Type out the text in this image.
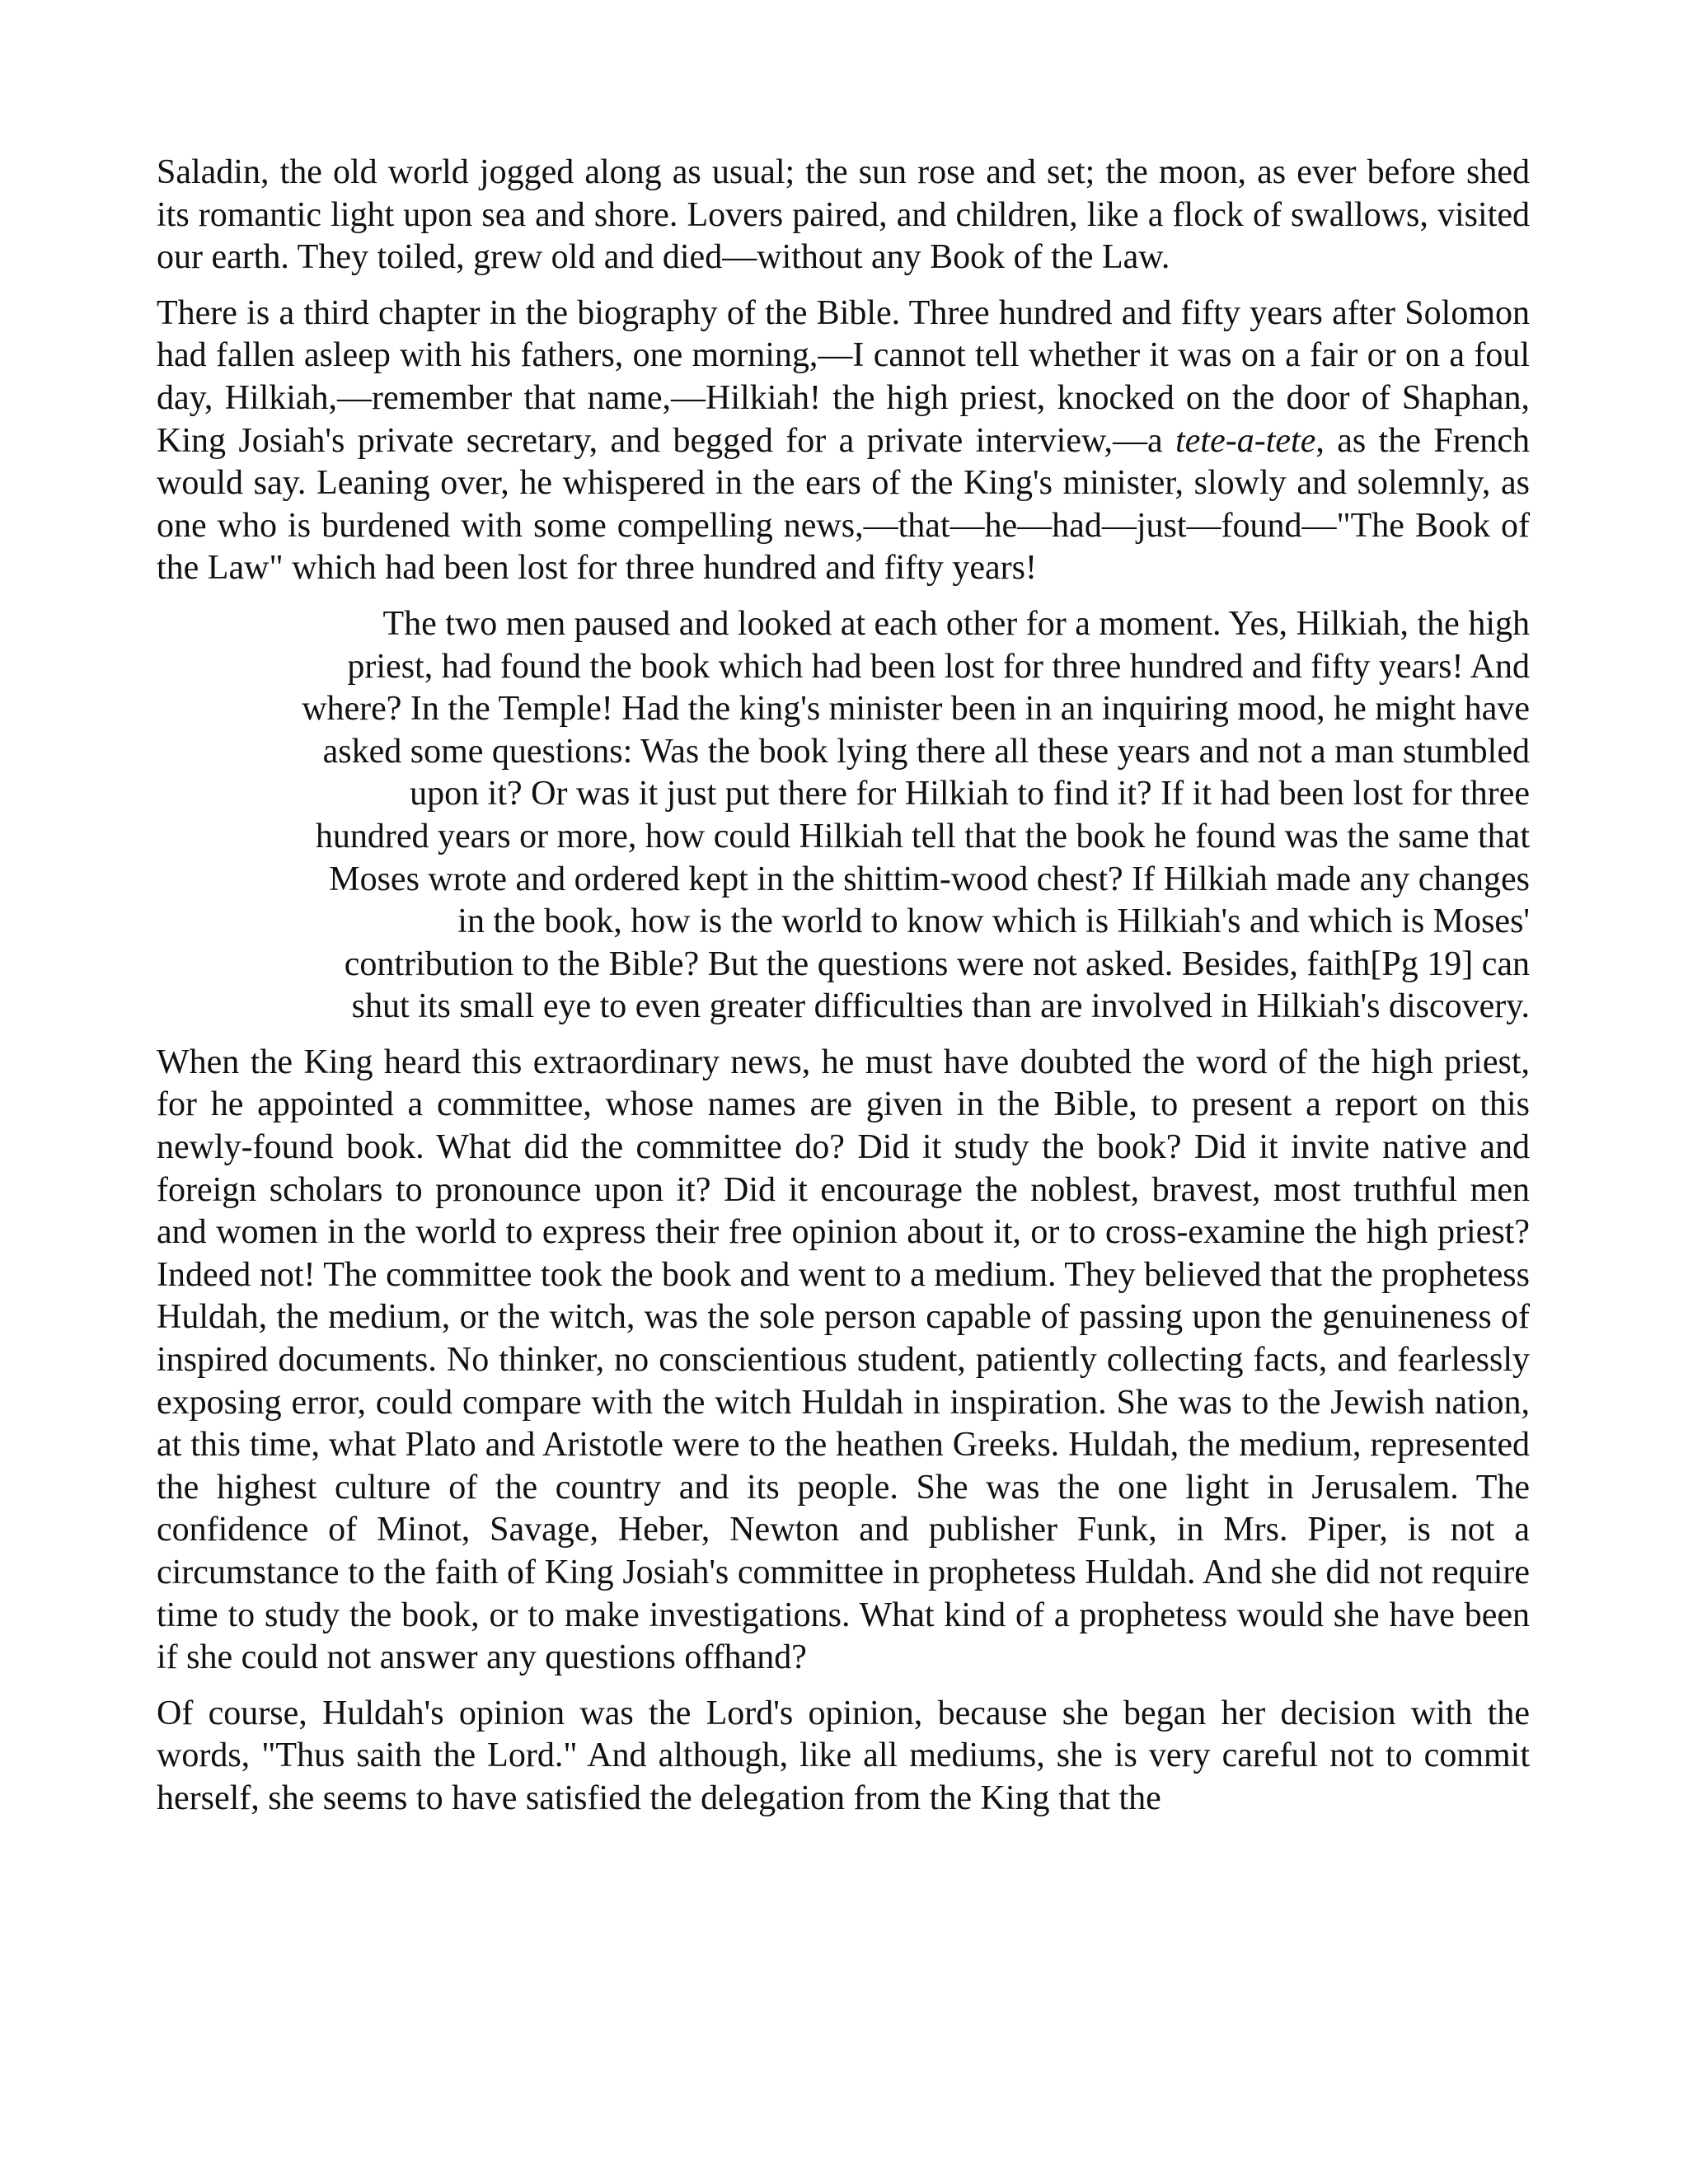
Saladin, the old world jogged along as usual; the sun rose and set; the moon, as ever before shed its romantic light upon sea and shore. Lovers paired, and children, like a flock of swallows, visited our earth. They toiled, grew old and died—without any Book of the Law.

There is a third chapter in the biography of the Bible. Three hundred and fifty years after Solomon had fallen asleep with his fathers, one morning,—I cannot tell whether it was on a fair or on a foul day, Hilkiah,—remember that name,—Hilkiah! the high priest, knocked on the door of Shaphan, King Josiah's private secretary, and begged for a private interview,—a tete-a-tete, as the French would say. Leaning over, he whispered in the ears of the King's minister, slowly and solemnly, as one who is burdened with some compelling news,—that—he—had—just—found—"The Book of the Law" which had been lost for three hundred and fifty years!

The two men paused and looked at each other for a moment. Yes, Hilkiah, the high
priest, had found the book which had been lost for three hundred and fifty years! And
where? In the Temple! Had the king's minister been in an inquiring mood, he might have
asked some questions: Was the book lying there all these years and not a man stumbled
upon it? Or was it just put there for Hilkiah to find it? If it had been lost for three
hundred years or more, how could Hilkiah tell that the book he found was the same that
Moses wrote and ordered kept in the shittim-wood chest? If Hilkiah made any changes
in the book, how is the world to know which is Hilkiah's and which is Moses'
contribution to the Bible? But the questions were not asked. Besides, faith[Pg 19] can
shut its small eye to even greater difficulties than are involved in Hilkiah's discovery.

When the King heard this extraordinary news, he must have doubted the word of the high priest, for he appointed a committee, whose names are given in the Bible, to present a report on this newly-found book. What did the committee do? Did it study the book? Did it invite native and foreign scholars to pronounce upon it? Did it encourage the noblest, bravest, most truthful men and women in the world to express their free opinion about it, or to cross-examine the high priest? Indeed not! The committee took the book and went to a medium. They believed that the prophetess Huldah, the medium, or the witch, was the sole person capable of passing upon the genuineness of inspired documents. No thinker, no conscientious student, patiently collecting facts, and fearlessly exposing error, could compare with the witch Huldah in inspiration. She was to the Jewish nation, at this time, what Plato and Aristotle were to the heathen Greeks. Huldah, the medium, represented the highest culture of the country and its people. She was the one light in Jerusalem. The confidence of Minot, Savage, Heber, Newton and publisher Funk, in Mrs. Piper, is not a circumstance to the faith of King Josiah's committee in prophetess Huldah. And she did not require time to study the book, or to make investigations. What kind of a prophetess would she have been if she could not answer any questions offhand?

Of course, Huldah's opinion was the Lord's opinion, because she began her decision with the words, "Thus saith the Lord." And although, like all mediums, she is very careful not to commit herself, she seems to have satisfied the delegation from the King that the
